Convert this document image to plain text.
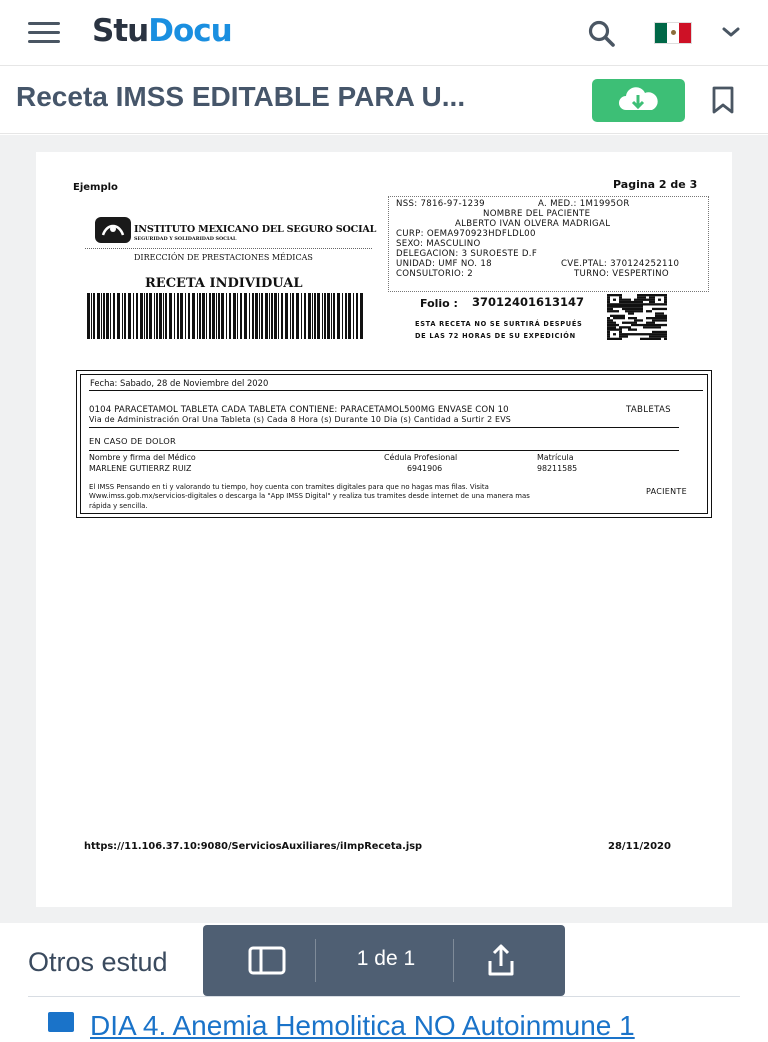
StuDocu
Receta IMSS EDITABLE PARA U...
Ejemplo	Pagina 2 de 3
INSTITUTO MEXICANO DEL SEGURO SOCIAL
SEGURIDAD Y SOLIDARIDAD SOCIAL
DIRECCIÓN DE PRESTACIONES MÉDICAS
RECETA INDIVIDUAL
NSS: 7816-97-1239	A. MED.: 1M1995OR
NOMBRE DEL PACIENTE
ALBERTO IVAN OLVERA MADRIGAL
CURP: OEMA970923HDFLDL00
SEXO: MASCULINO
DELEGACION: 3 SUROESTE D.F
UNIDAD: UMF NO. 18	CVE.PTAL: 370124252110
CONSULTORIO: 2	TURNO: VESPERTINO
Folio : 37012401613147
ESTA RECETA NO SE SURTIRÁ DESPUÉS
DE LAS 72 HORAS DE SU EXPEDICIÓN
Fecha: Sabado, 28 de Noviembre del 2020
0104 PARACETAMOL TABLETA CADA TABLETA CONTIENE: PARACETAMOL500MG ENVASE CON 10	TABLETAS
Via de Administración Oral Una Tableta (s) Cada 8 Hora (s) Durante 10 Dia (s) Cantidad a Surtir 2 EVS
EN CASO DE DOLOR
Nombre y firma del Médico
MARLENE GUTIERRZ RUIZ
Cédula Profesional
6941906
Matrícula
98211585
El IMSS Pensando en ti y valorando tu tiempo, hoy cuenta con tramites digitales para que no hagas mas filas. Visita
Www.imss.gob.mx/servicios-digitales o descarga la "App IMSS Digital" y realiza tus tramites desde internet de una manera mas
rápida y sencilla.
PACIENTE
https://11.106.37.10:9080/ServiciosAuxiliares/iImpReceta.jsp	28/11/2020
Otros estud
DIA 4. Anemia Hemolitica NO Autoinmune 1
1 de 1
